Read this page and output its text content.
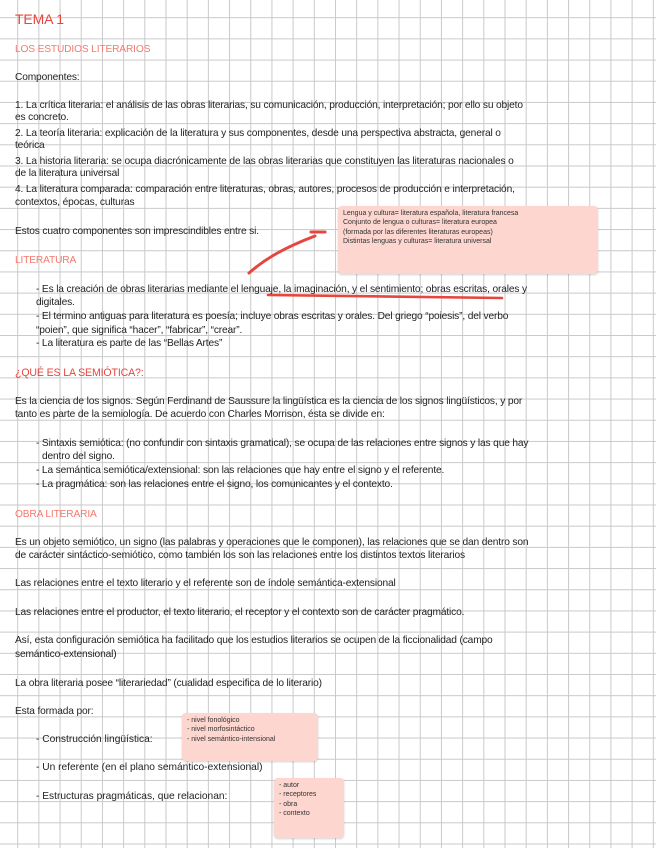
TEMA 1
LOS ESTUDIOS LITERARIOS
Componentes:
1. La crítica literaria: el análisis de las obras literarias, su comunicación, producción, interpretación; por ello su objeto
es concreto.
2. La teoría literaria: explicación de la literatura y sus componentes, desde una perspectiva abstracta, general o
teórica
3. La historia literaria: se ocupa diacrónicamente de las obras literarias que constituyen las literaturas nacionales o
de la literatura universal
4. La literatura comparada: comparación entre literaturas, obras, autores, procesos de producción e interpretación,
contextos, épocas, culturas
Estos cuatro componentes son imprescindibles entre si.
Lengua y cultura= literatura española, literatura francesa
Conjunto de lengua o culturas= literatura europea
(formada por las diferentes literaturas europeas)
Distintas lenguas y culturas= literatura universal
LITERATURA
- Es la creación de obras literarias mediante el lenguaje, la imaginación, y el sentimiento; obras escritas, orales y
digitales.
- El termino antiguas para literatura es poesía; incluye obras escritas y orales. Del griego “poiesis”, del verbo
“poien”, que significa “hacer”, “fabricar”, “crear”.
- La literatura es parte de las “Bellas Artes”
¿QUÉ ES LA SEMIÓTICA?:
Es la ciencia de los signos. Según Ferdinand de Saussure la lingüística es la ciencia de los signos lingüísticos, y por
tanto es parte de la semiología. De acuerdo con Charles Morrison, ésta se divide en:
- Sintaxis semiótica: (no confundir con sintaxis gramatical), se ocupa de las relaciones entre signos y las que hay
dentro del signo.
- La semántica semiótica/extensional: son las relaciones que hay entre el signo y el referente.
- La pragmática: son las relaciones entre el signo, los comunicantes y el contexto.
OBRA LITERARIA
Es un objeto semiótico, un signo (las palabras y operaciones que le componen), las relaciones que se dan dentro son
de carácter sintáctico-semiótico, como también los son las relaciones entre los distintos textos literarios
Las relaciones entre el texto literario y el referente son de índole semántica-extensional
Las relaciones entre el productor, el texto literario, el receptor y el contexto son de carácter pragmático.
Así, esta configuración semiótica ha facilitado que los estudios literarios se ocupen de la ficcionalidad (campo
semántico-extensional)
La obra literaria posee “literariedad” (cualidad especifica de lo literario)
Esta formada por:
- Construcción lingüística:
- nivel fonológico
- nivel morfosintáctico
- nivel semántico-intensional
- Un referente (en el plano semántico-extensional)
- Estructuras pragmáticas, que relacionan:
- autor
- receptores
- obra
- contexto
